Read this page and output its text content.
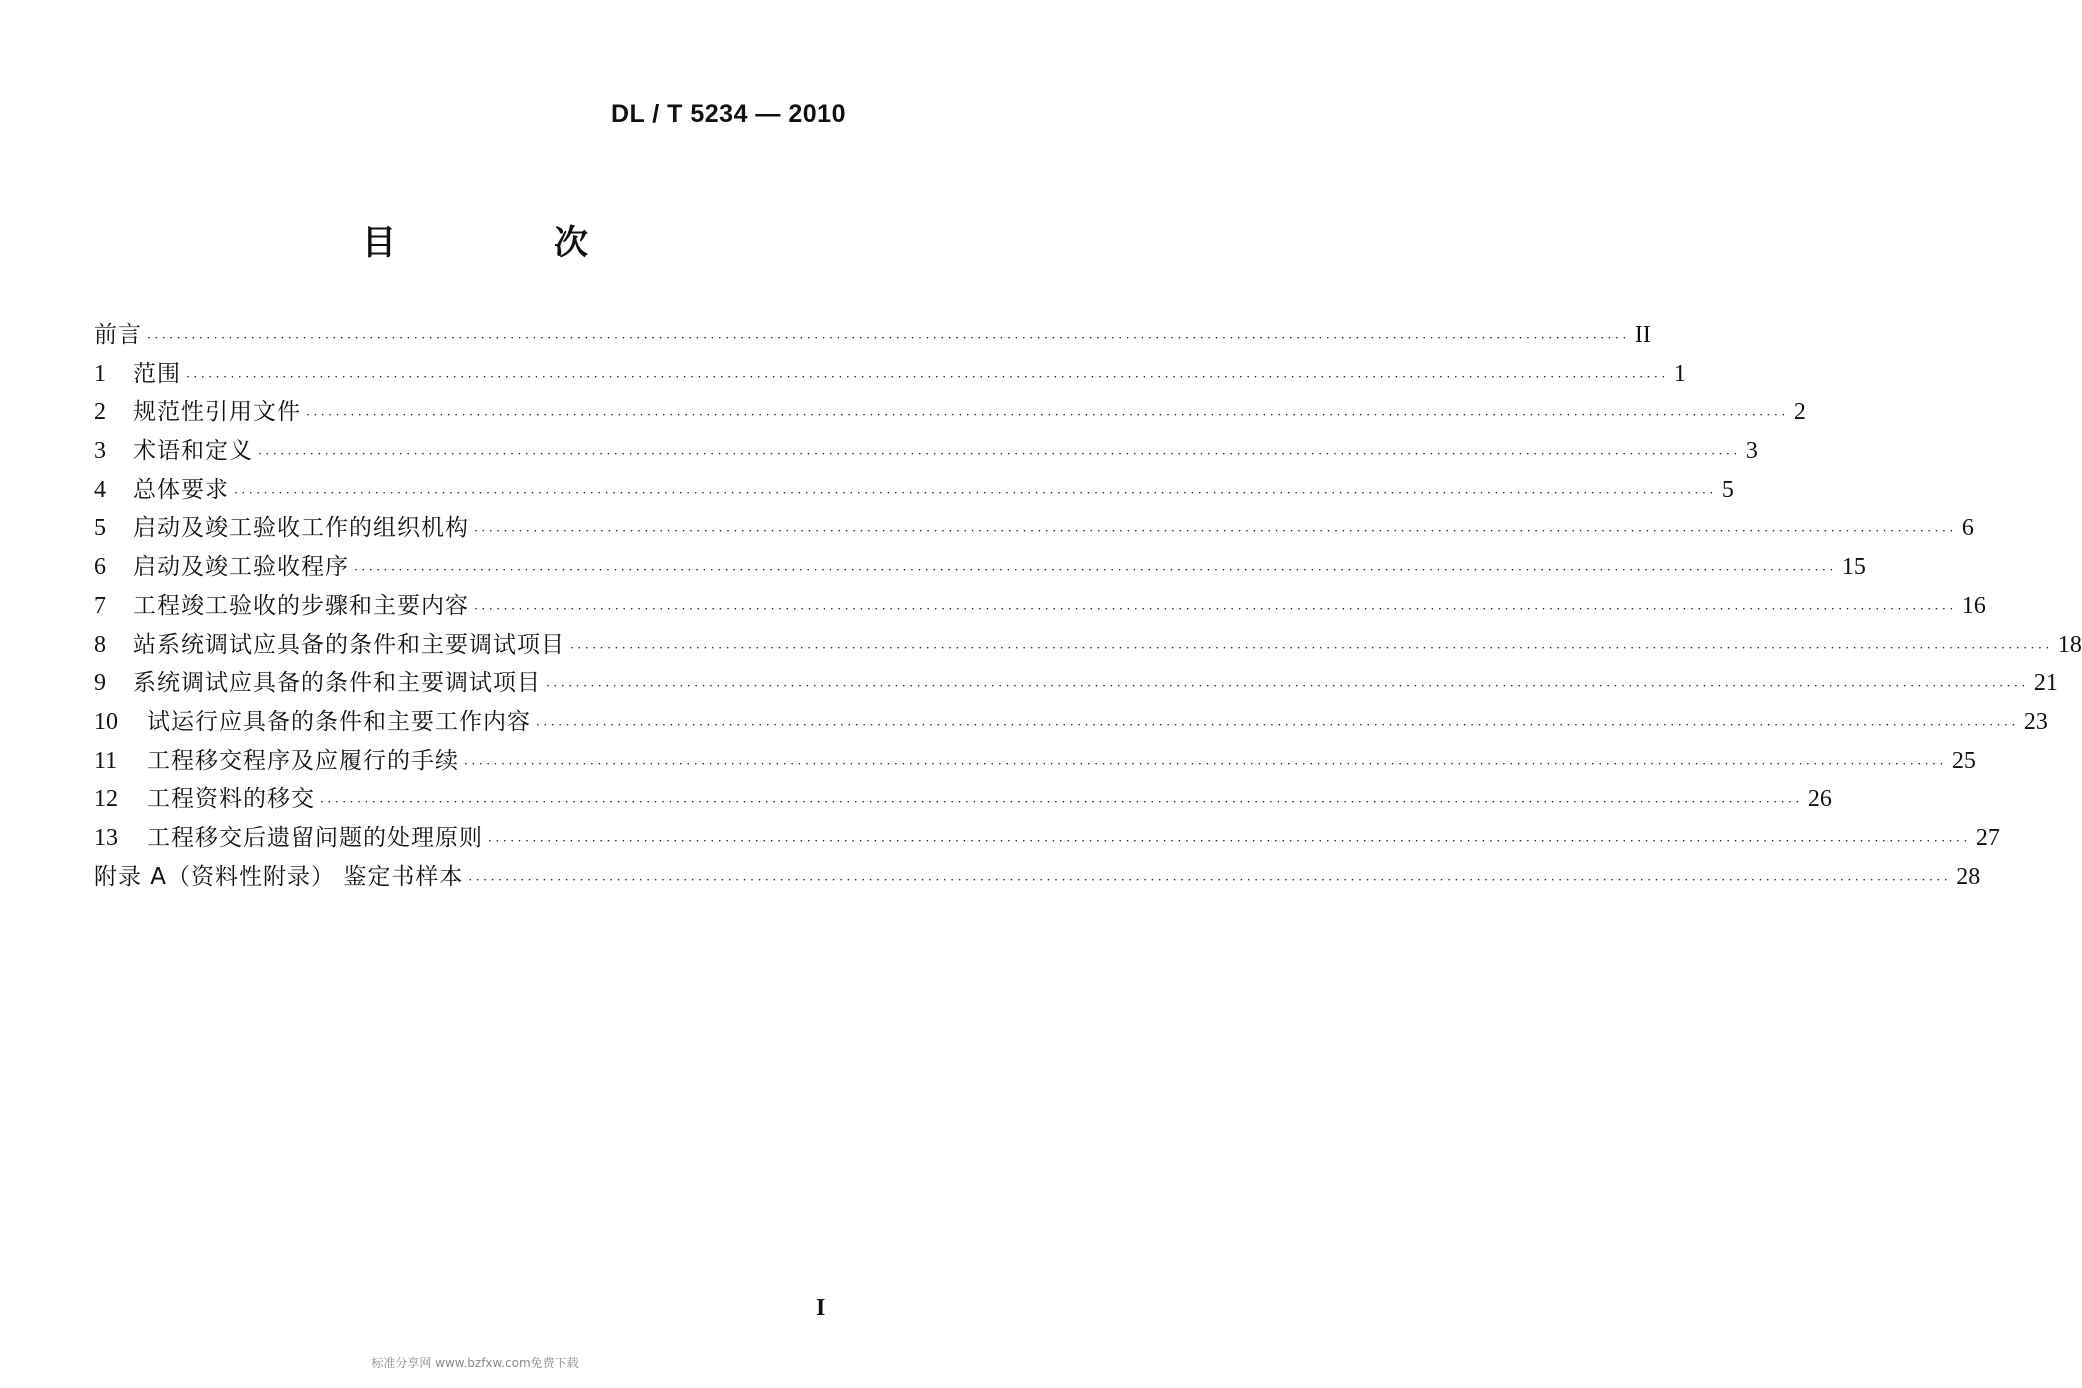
DL / T 5234 — 2010
目　次
前言 ········································································································································································································ II
1	范围 ········································································································································································································ 1
2	规范性引用文件 ········································································································································································································ 2
3	术语和定义 ········································································································································································································ 3
4	总体要求 ········································································································································································································ 5
5	启动及竣工验收工作的组织机构 ········································································································································································································ 6
6	启动及竣工验收程序 ········································································································································································································ 15
7	工程竣工验收的步骤和主要内容 ········································································································································································································ 16
8	站系统调试应具备的条件和主要调试项目 ········································································································································································································ 18
9	系统调试应具备的条件和主要调试项目 ········································································································································································································ 21
10	试运行应具备的条件和主要工作内容 ········································································································································································································ 23
11	工程移交程序及应履行的手续 ········································································································································································································ 25
12	工程资料的移交 ········································································································································································································ 26
13	工程移交后遗留问题的处理原则 ········································································································································································································ 27
附录 A（资料性附录） 鉴定书样本 ········································································································································································································ 28
I
标准分享网 www.bzfxw.com免费下载
